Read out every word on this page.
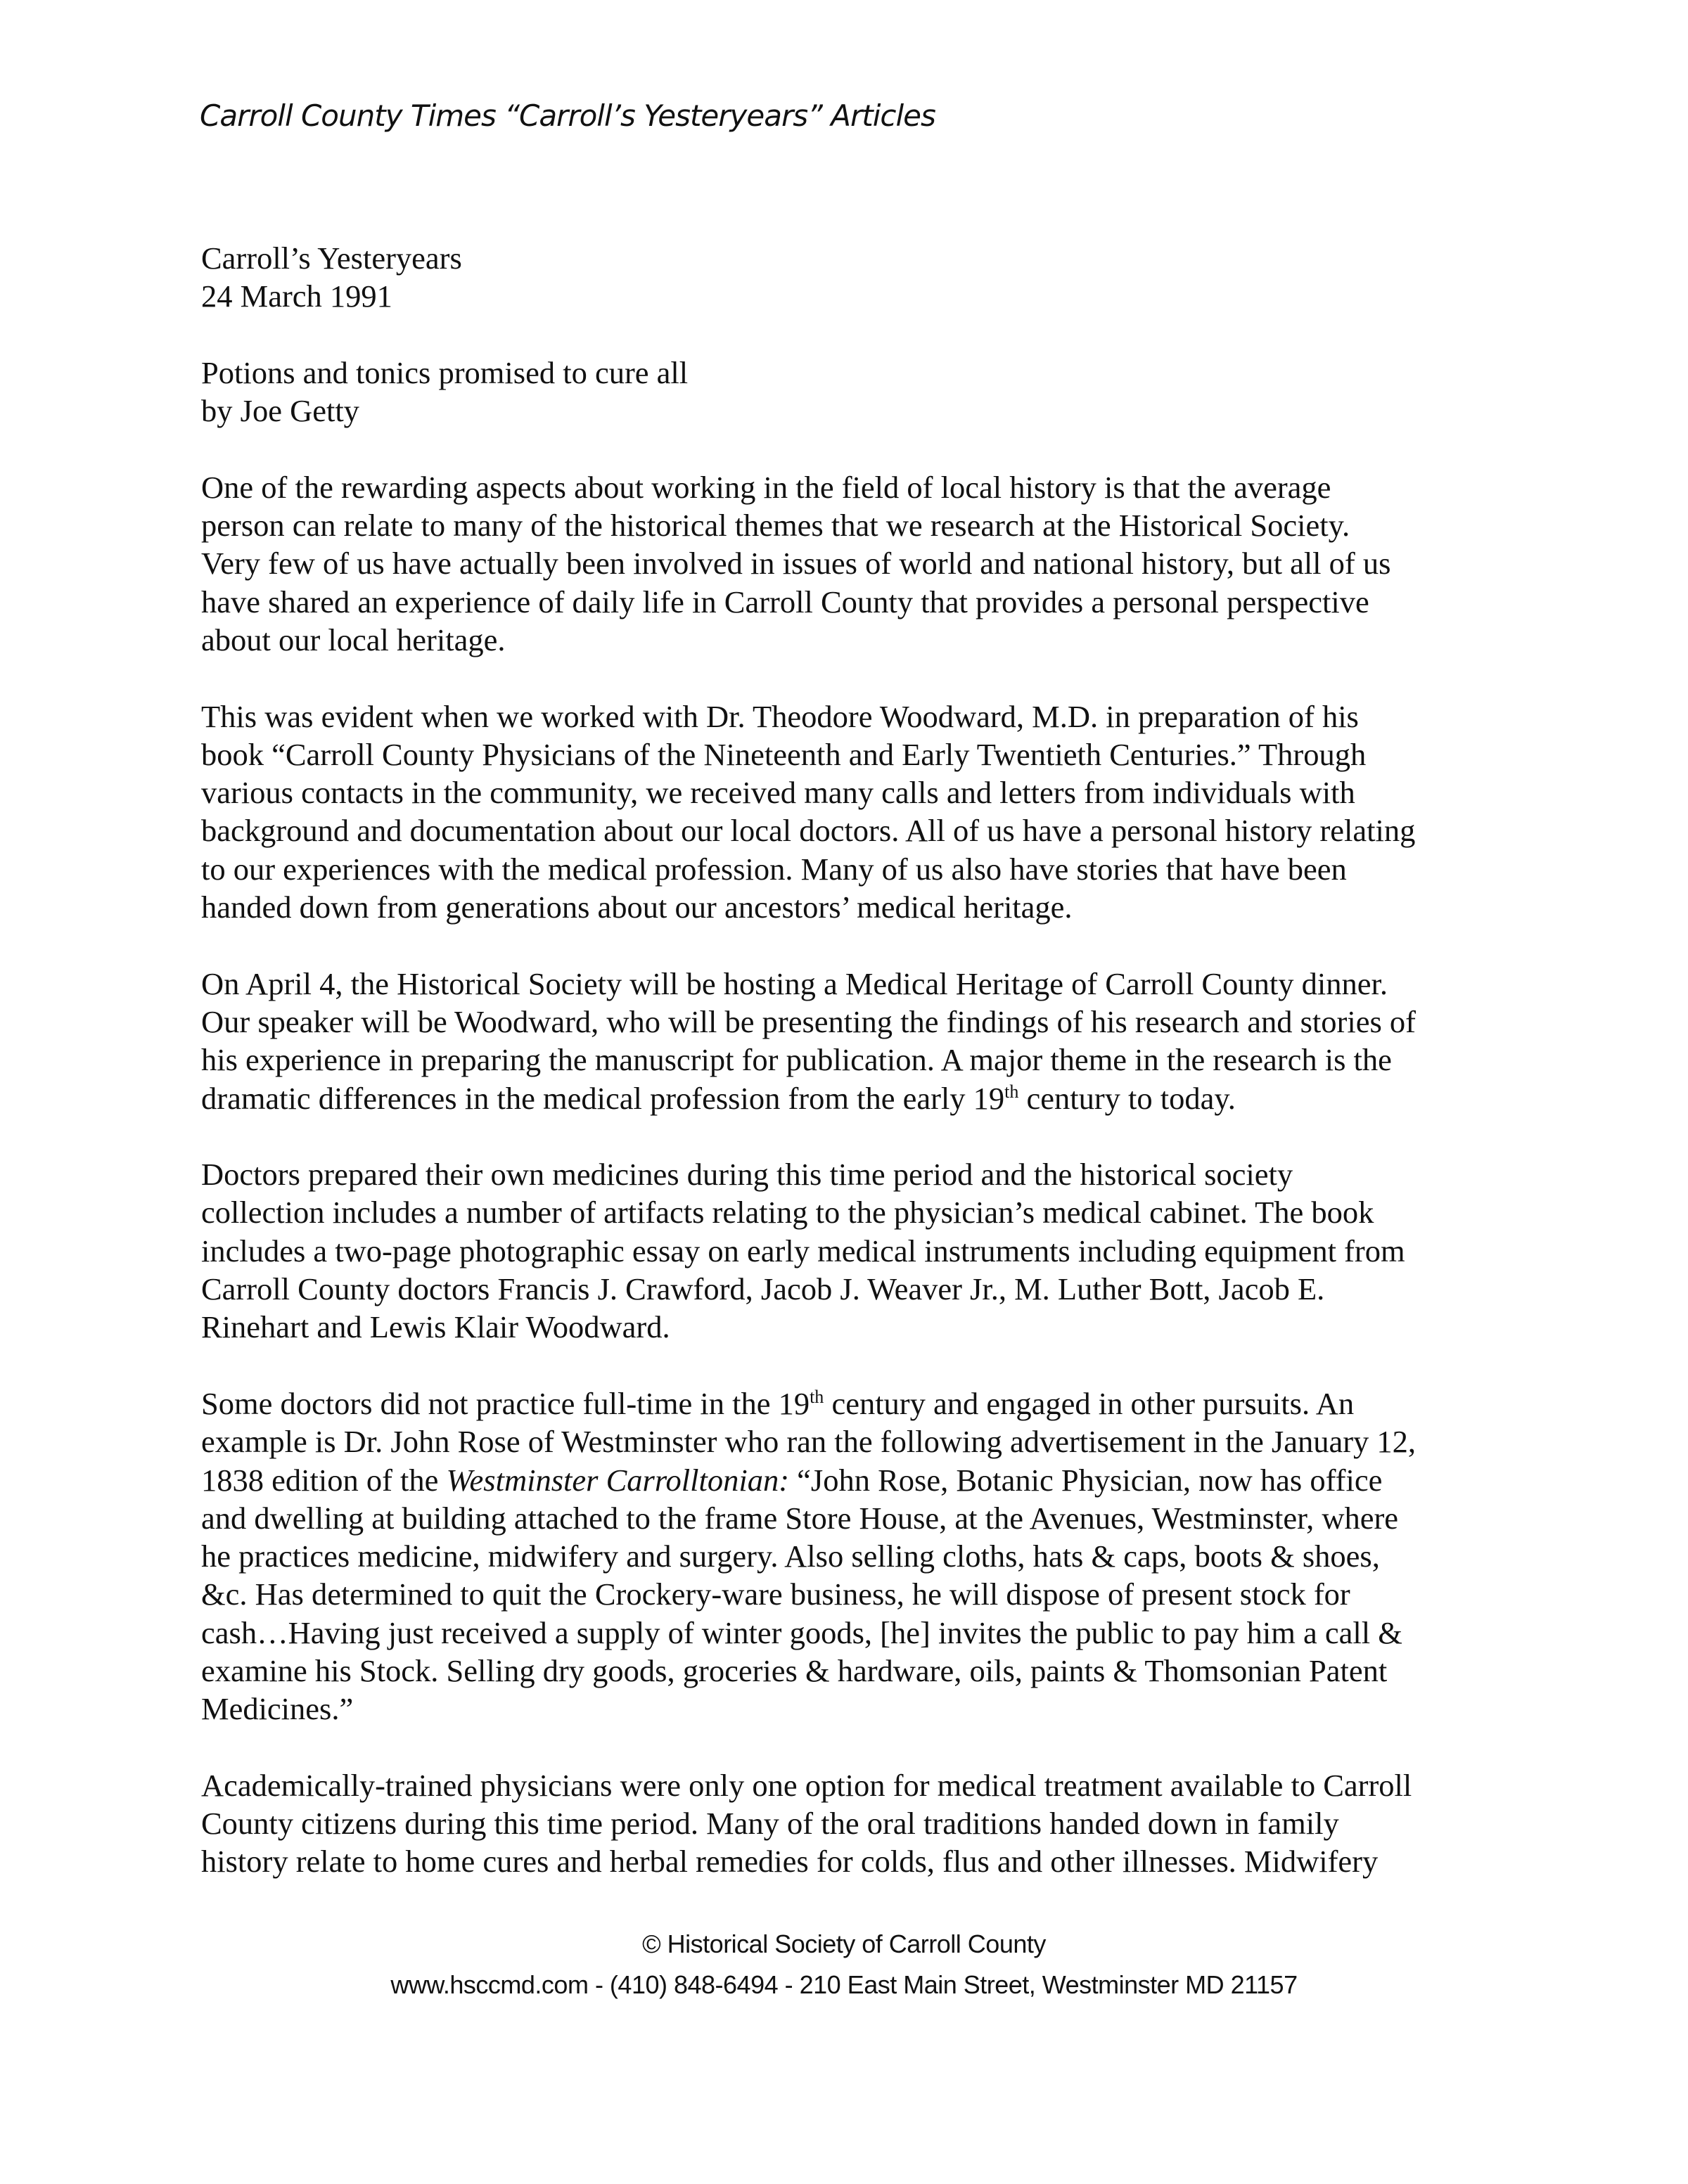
Carroll County Times “Carroll’s Yesteryears” Articles

Carroll’s Yesteryears
24 March 1991

Potions and tonics promised to cure all
by Joe Getty

One of the rewarding aspects about working in the field of local history is that the average
person can relate to many of the historical themes that we research at the Historical Society.
Very few of us have actually been involved in issues of world and national history, but all of us
have shared an experience of daily life in Carroll County that provides a personal perspective
about our local heritage.

This was evident when we worked with Dr. Theodore Woodward, M.D. in preparation of his
book “Carroll County Physicians of the Nineteenth and Early Twentieth Centuries.” Through
various contacts in the community, we received many calls and letters from individuals with
background and documentation about our local doctors. All of us have a personal history relating
to our experiences with the medical profession. Many of us also have stories that have been
handed down from generations about our ancestors’ medical heritage.

On April 4, the Historical Society will be hosting a Medical Heritage of Carroll County dinner.
Our speaker will be Woodward, who will be presenting the findings of his research and stories of
his experience in preparing the manuscript for publication. A major theme in the research is the
dramatic differences in the medical profession from the early 19th century to today.

Doctors prepared their own medicines during this time period and the historical society
collection includes a number of artifacts relating to the physician’s medical cabinet. The book
includes a two-page photographic essay on early medical instruments including equipment from
Carroll County doctors Francis J. Crawford, Jacob J. Weaver Jr., M. Luther Bott, Jacob E.
Rinehart and Lewis Klair Woodward.

Some doctors did not practice full-time in the 19th century and engaged in other pursuits. An
example is Dr. John Rose of Westminster who ran the following advertisement in the January 12,
1838 edition of the Westminster Carrolltonian: “John Rose, Botanic Physician, now has office
and dwelling at building attached to the frame Store House, at the Avenues, Westminster, where
he practices medicine, midwifery and surgery. Also selling cloths, hats & caps, boots & shoes,
&c. Has determined to quit the Crockery-ware business, he will dispose of present stock for
cash…Having just received a supply of winter goods, [he] invites the public to pay him a call &
examine his Stock. Selling dry goods, groceries & hardware, oils, paints & Thomsonian Patent
Medicines.”

Academically-trained physicians were only one option for medical treatment available to Carroll
County citizens during this time period. Many of the oral traditions handed down in family
history relate to home cures and herbal remedies for colds, flus and other illnesses. Midwifery

© Historical Society of Carroll County
www.hsccmd.com - (410) 848-6494 - 210 East Main Street, Westminster MD 21157
